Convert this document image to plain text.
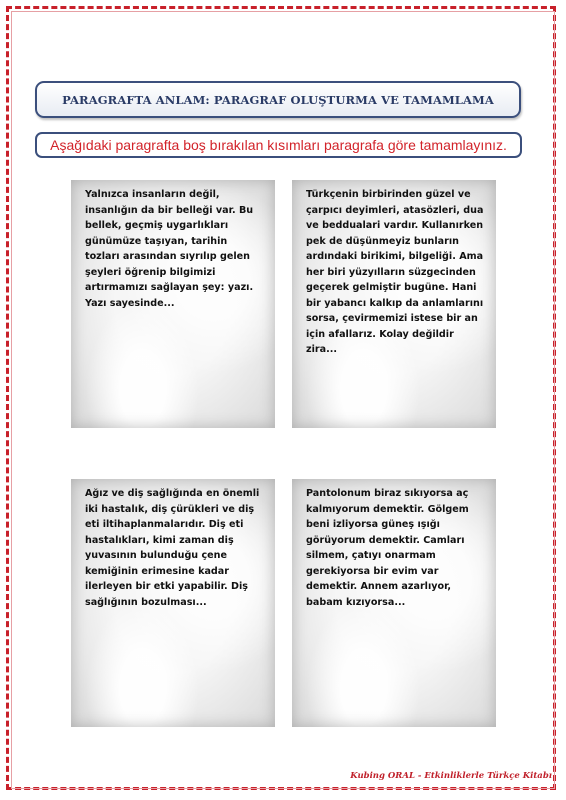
PARAGRAFTA ANLAM: PARAGRAF OLUŞTURMA VE TAMAMLAMA
Aşağıdaki paragrafta boş bırakılan kısımları paragrafa göre tamamlayınız.

Yalnızca insanların değil, insanlığın da bir belleği var. Bu bellek, geçmiş uygarlıkları günümüze taşıyan, tarihin tozları arasından sıyrılıp gelen şeyleri öğrenip bilgimizi artırmamızı sağlayan şey: yazı. Yazı sayesinde...

Türkçenin birbirinden güzel ve çarpıcı deyimleri, atasözleri, dua ve beddualari vardır. Kullanırken pek de düşünmeyiz bunların ardındaki birikimi, bilgeliği. Ama her biri yüzyılların süzgecinden geçerek gelmiştir bugüne. Hani bir yabancı kalkıp da anlamlarını sorsa, çevirmemizi istese bir an için afallarız. Kolay değildir zira...

Ağız ve diş sağlığında en önemli iki hastalık, diş çürükleri ve diş eti iltihaplanmalarıdır. Diş eti hastalıkları, kimi zaman diş yuvasının bulunduğu çene kemiğinin erimesine kadar ilerleyen bir etki yapabilir. Diş sağlığının bozulması...

Pantolonum biraz sıkıyorsa aç kalmıyorum demektir. Gölgem beni izliyorsa güneş ışığı görüyorum demektir. Camları silmem, çatıyı onarmam gerekiyorsa bir evim var demektir. Annem azarlıyor, babam kızıyorsa...

Kubing ORAL - Etkinliklerle Türkçe Kitabı
